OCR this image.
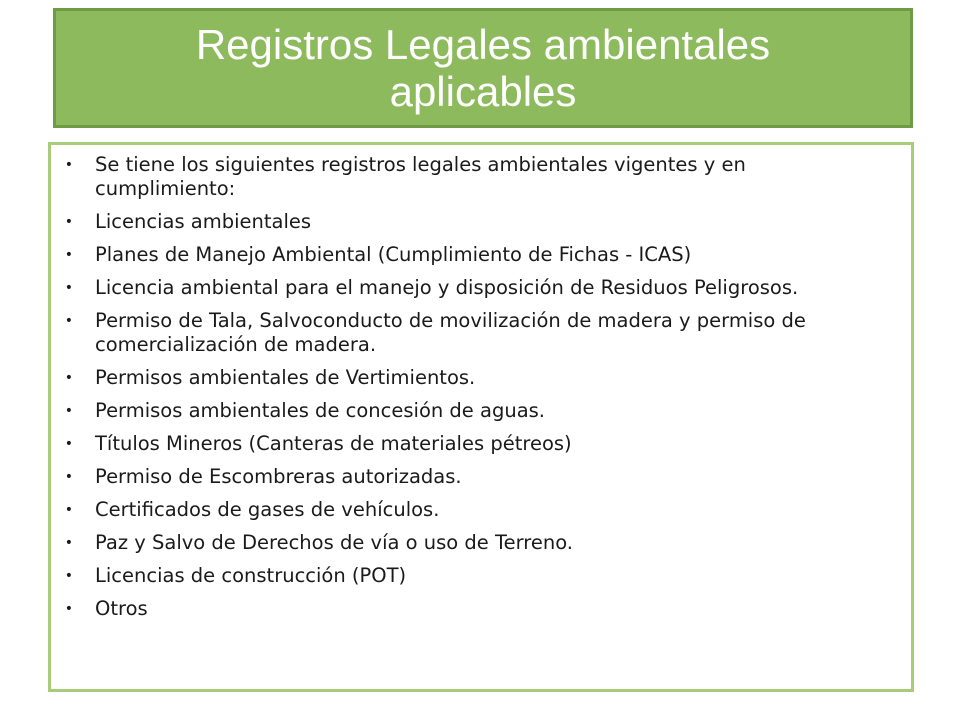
Registros Legales ambientales aplicables
•	Se tiene los siguientes registros legales ambientales vigentes y en cumplimiento:
•	Licencias ambientales
•	Planes de Manejo Ambiental (Cumplimiento de Fichas - ICAS)
•	Licencia ambiental para el manejo y disposición de Residuos Peligrosos.
•	Permiso de Tala, Salvoconducto de movilización de madera y permiso de comercialización de madera.
•	Permisos ambientales de Vertimientos.
•	Permisos ambientales de concesión de aguas.
•	Títulos Mineros (Canteras de materiales pétreos)
•	Permiso de Escombreras autorizadas.
•	Certificados de gases de vehículos.
•	Paz y Salvo de Derechos de vía o uso de Terreno.
•	Licencias de construcción (POT)
•	Otros
